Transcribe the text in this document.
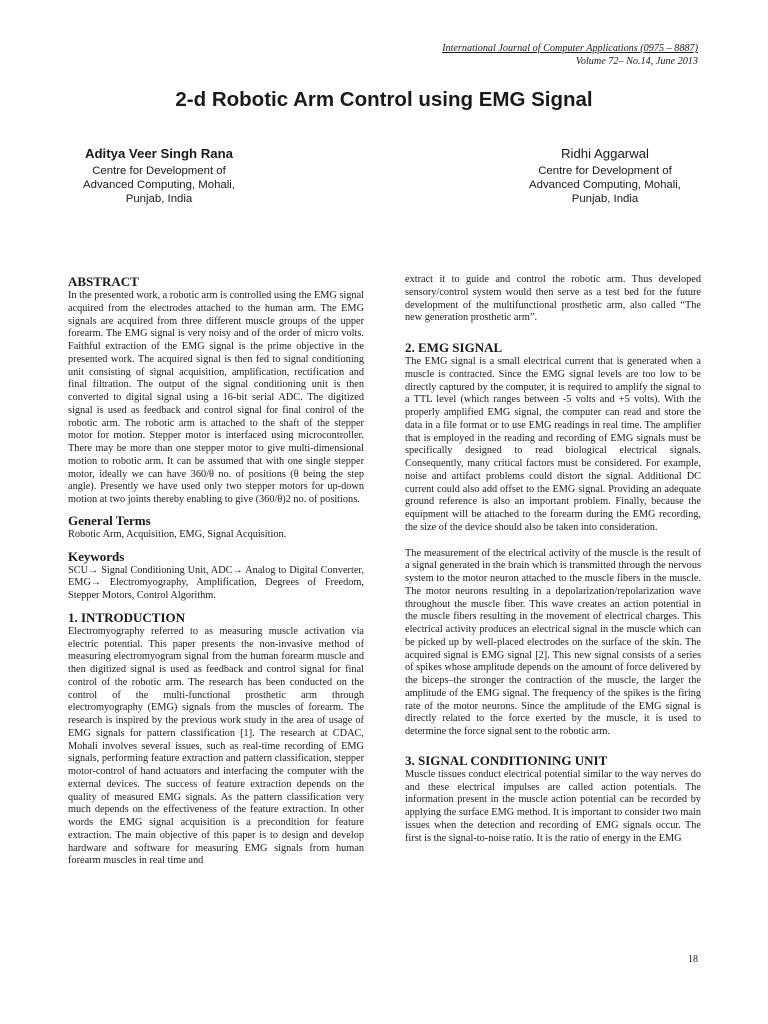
International Journal of Computer Applications (0975 – 8887)
Volume 72– No.14, June 2013
2-d Robotic Arm Control using EMG Signal
Aditya Veer Singh Rana
Centre for Development of
Advanced Computing, Mohali,
Punjab, India
Ridhi Aggarwal
Centre for Development of
Advanced Computing, Mohali,
Punjab, India
ABSTRACT

In the presented work, a robotic arm is controlled using the EMG signal acquired from the electrodes attached to the human arm. The EMG signals are acquired from three different muscle groups of the upper forearm. The EMG signal is very noisy and of the order of micro volts. Faithful extraction of the EMG signal is the prime objective in the presented work. The acquired signal is then fed to signal conditioning unit consisting of signal acquisition, amplification, rectification and final filtration. The output of the signal conditioning unit is then converted to digital signal using a 16-bit serial ADC. The digitized signal is used as feedback and control signal for final control of the robotic arm. The robotic arm is attached to the shaft of the stepper motor for motion. Stepper motor is interfaced using microcontroller. There may be more than one stepper motor to give multi-dimensional motion to robotic arm. It can be assumed that with one single stepper motor, ideally we can have 360/θ no. of positions (θ being the step angle). Presently we have used only two stepper motors for up-down motion at two joints thereby enabling to give (360/θ)2 no. of positions.

General Terms

Robotic Arm, Acquisition, EMG, Signal Acquisition.

Keywords

SCU→ Signal Conditioning Unit, ADC→ Analog to Digital Converter, EMG→ Electromyography, Amplification, Degrees of Freedom, Stepper Motors, Control Algorithm.

1. INTRODUCTION

Electromyography referred to as measuring muscle activation via electric potential. This paper presents the non-invasive method of measuring electromyogram signal from the human forearm muscle and then digitized signal is used as feedback and control signal for final control of the robotic arm. The research has been conducted on the control of the multi-functional prosthetic arm through electromyography (EMG) signals from the muscles of forearm. The research is inspired by the previous work study in the area of usage of EMG signals for pattern classification [1]. The research at CDAC, Mohali involves several issues, such as real-time recording of EMG signals, performing feature extraction and pattern classification, stepper motor-control of hand actuators and interfacing the computer with the external devices. The success of feature extraction depends on the quality of measured EMG signals. As the pattern classification very much depends on the effectiveness of the feature extraction. In other words the EMG signal acquisition is a precondition for feature extraction. The main objective of this paper is to design and develop hardware and software for measuring EMG signals from human forearm muscles in real time and

extract it to guide and control the robotic arm. Thus developed sensory/control system would then serve as a test bed for the future development of the multifunctional prosthetic arm, also called “The new generation prosthetic arm”.

2. EMG SIGNAL

The EMG signal is a small electrical current that is generated when a muscle is contracted. Since the EMG signal levels are too low to be directly captured by the computer, it is required to amplify the signal to a TTL level (which ranges between -5 volts and +5 volts). With the properly amplified EMG signal, the computer can read and store the data in a file format or to use EMG readings in real time. The amplifier that is employed in the reading and recording of EMG signals must be specifically designed to read biological electrical signals. Consequently, many critical factors must be considered. For example, noise and artifact problems could distort the signal. Additional DC current could also add offset to the EMG signal. Providing an adequate ground reference is also an important problem. Finally, because the equipment will be attached to the forearm during the EMG recording, the size of the device should also be taken into consideration.

The measurement of the electrical activity of the muscle is the result of a signal generated in the brain which is transmitted through the nervous system to the motor neuron attached to the muscle fibers in the muscle. The motor neurons resulting in a depolarization/repolarization wave throughout the muscle fiber. This wave creates an action potential in the muscle fibers resulting in the movement of electrical charges. This electrical activity produces an electrical signal in the muscle which can be picked up by well-placed electrodes on the surface of the skin. The acquired signal is EMG signal [2]. This new signal consists of a series of spikes whose amplitude depends on the amount of force delivered by the biceps–the stronger the contraction of the muscle, the larger the amplitude of the EMG signal. The frequency of the spikes is the firing rate of the motor neurons. Since the amplitude of the EMG signal is directly related to the force exerted by the muscle, it is used to determine the force signal sent to the robotic arm.

3. SIGNAL CONDITIONING UNIT

Muscle tissues conduct electrical potential similar to the way nerves do and these electrical impulses are called action potentials. The information present in the muscle action potential can be recorded by applying the surface EMG method. It is important to consider two main issues when the detection and recording of EMG signals occur. The first is the signal-to-noise ratio. It is the ratio of energy in the EMG

18
